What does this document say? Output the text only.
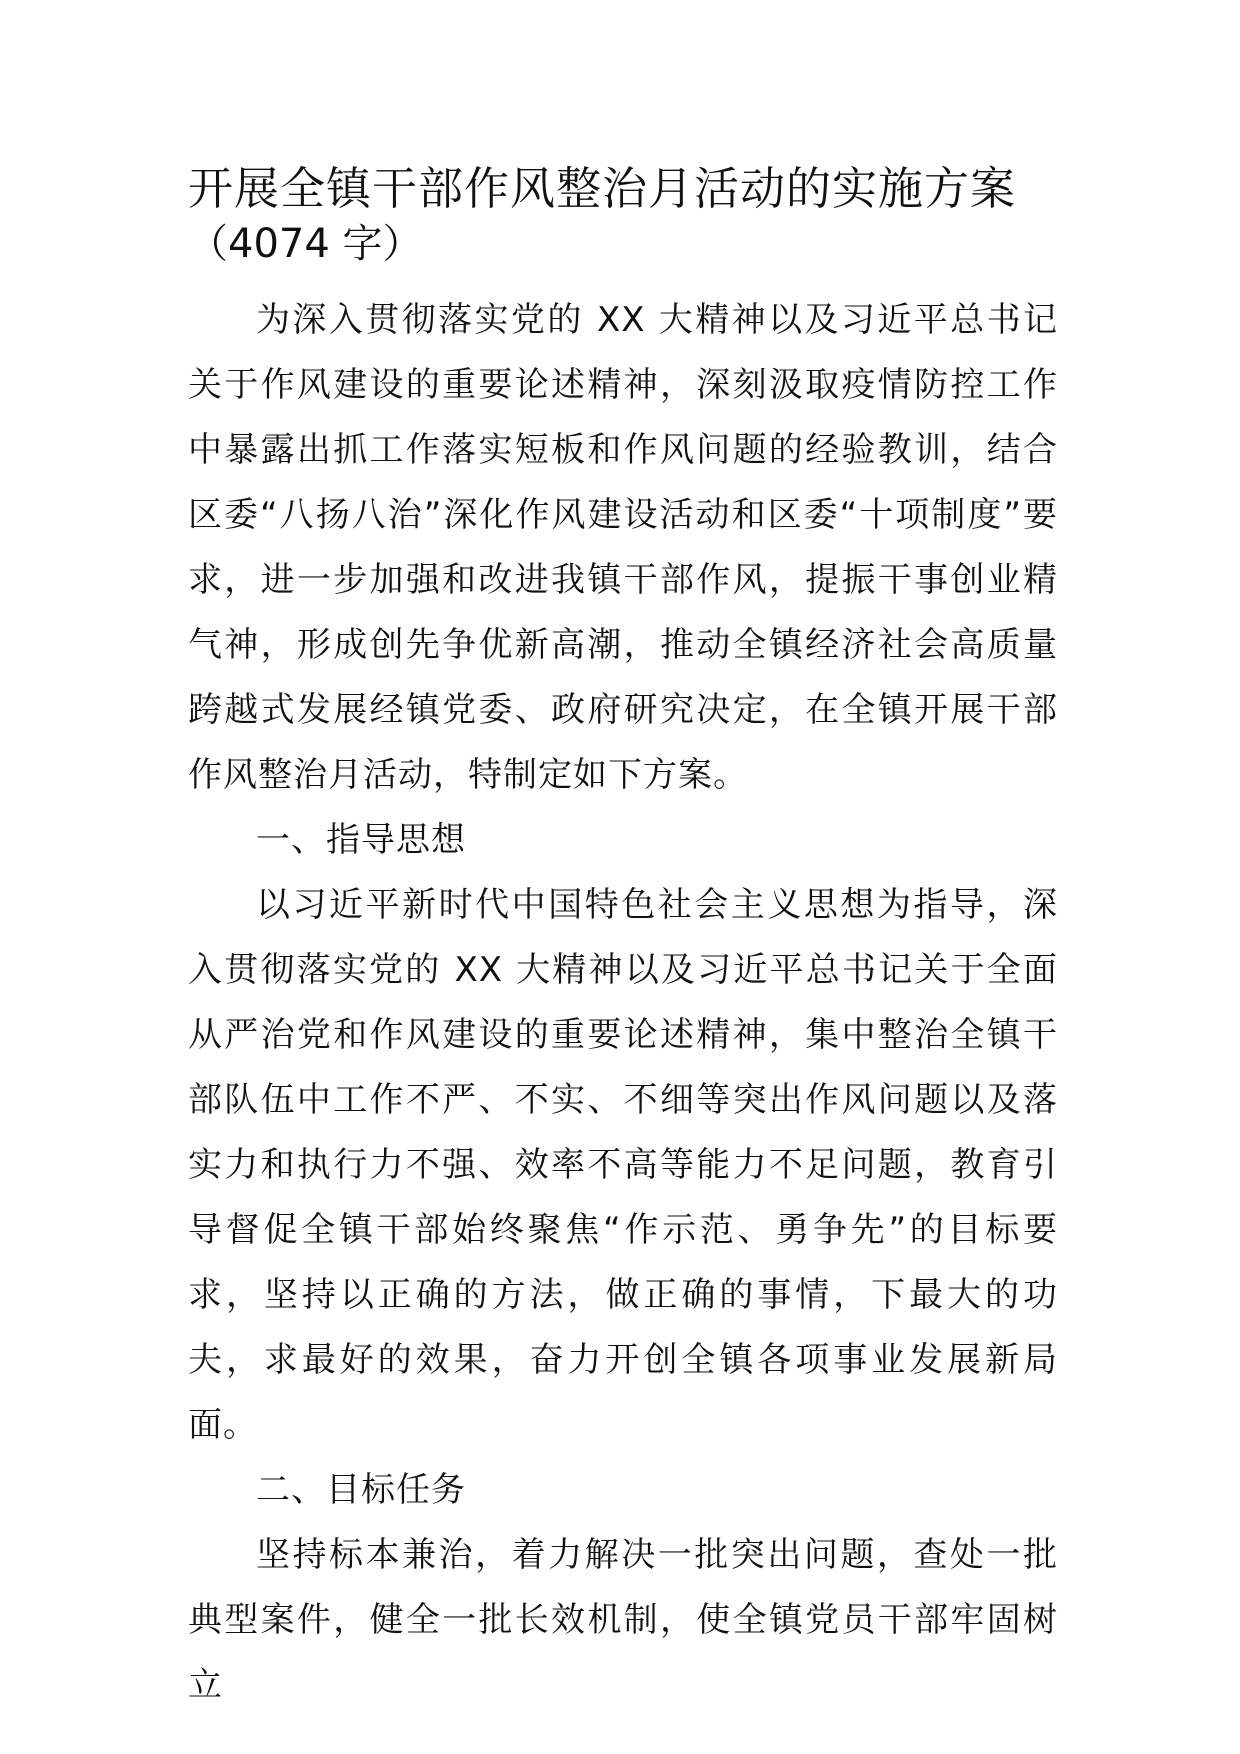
开展全镇干部作风整治月活动的实施方案
（4074 字）

为深入贯彻落实党的 XX 大精神以及习近平总书记关于作风建设的重要论述精神，深刻汲取疫情防控工作中暴露出抓工作落实短板和作风问题的经验教训，结合区委“八扬八治”深化作风建设活动和区委“十项制度”要求，进一步加强和改进我镇干部作风，提振干事创业精气神，形成创先争优新高潮，推动全镇经济社会高质量跨越式发展经镇党委、政府研究决定，在全镇开展干部作风整治月活动，特制定如下方案。

一、指导思想

以习近平新时代中国特色社会主义思想为指导，深入贯彻落实党的 XX 大精神以及习近平总书记关于全面从严治党和作风建设的重要论述精神，集中整治全镇干部队伍中工作不严、不实、不细等突出作风问题以及落实力和执行力不强、效率不高等能力不足问题，教育引导督促全镇干部始终聚焦“作示范、勇争先”的目标要求，坚持以正确的方法，做正确的事情，下最大的功夫，求最好的效果，奋力开创全镇各项事业发展新局面。

二、目标任务

坚持标本兼治，着力解决一批突出问题，查处一批典型案件，健全一批长效机制，使全镇党员干部牢固树立
